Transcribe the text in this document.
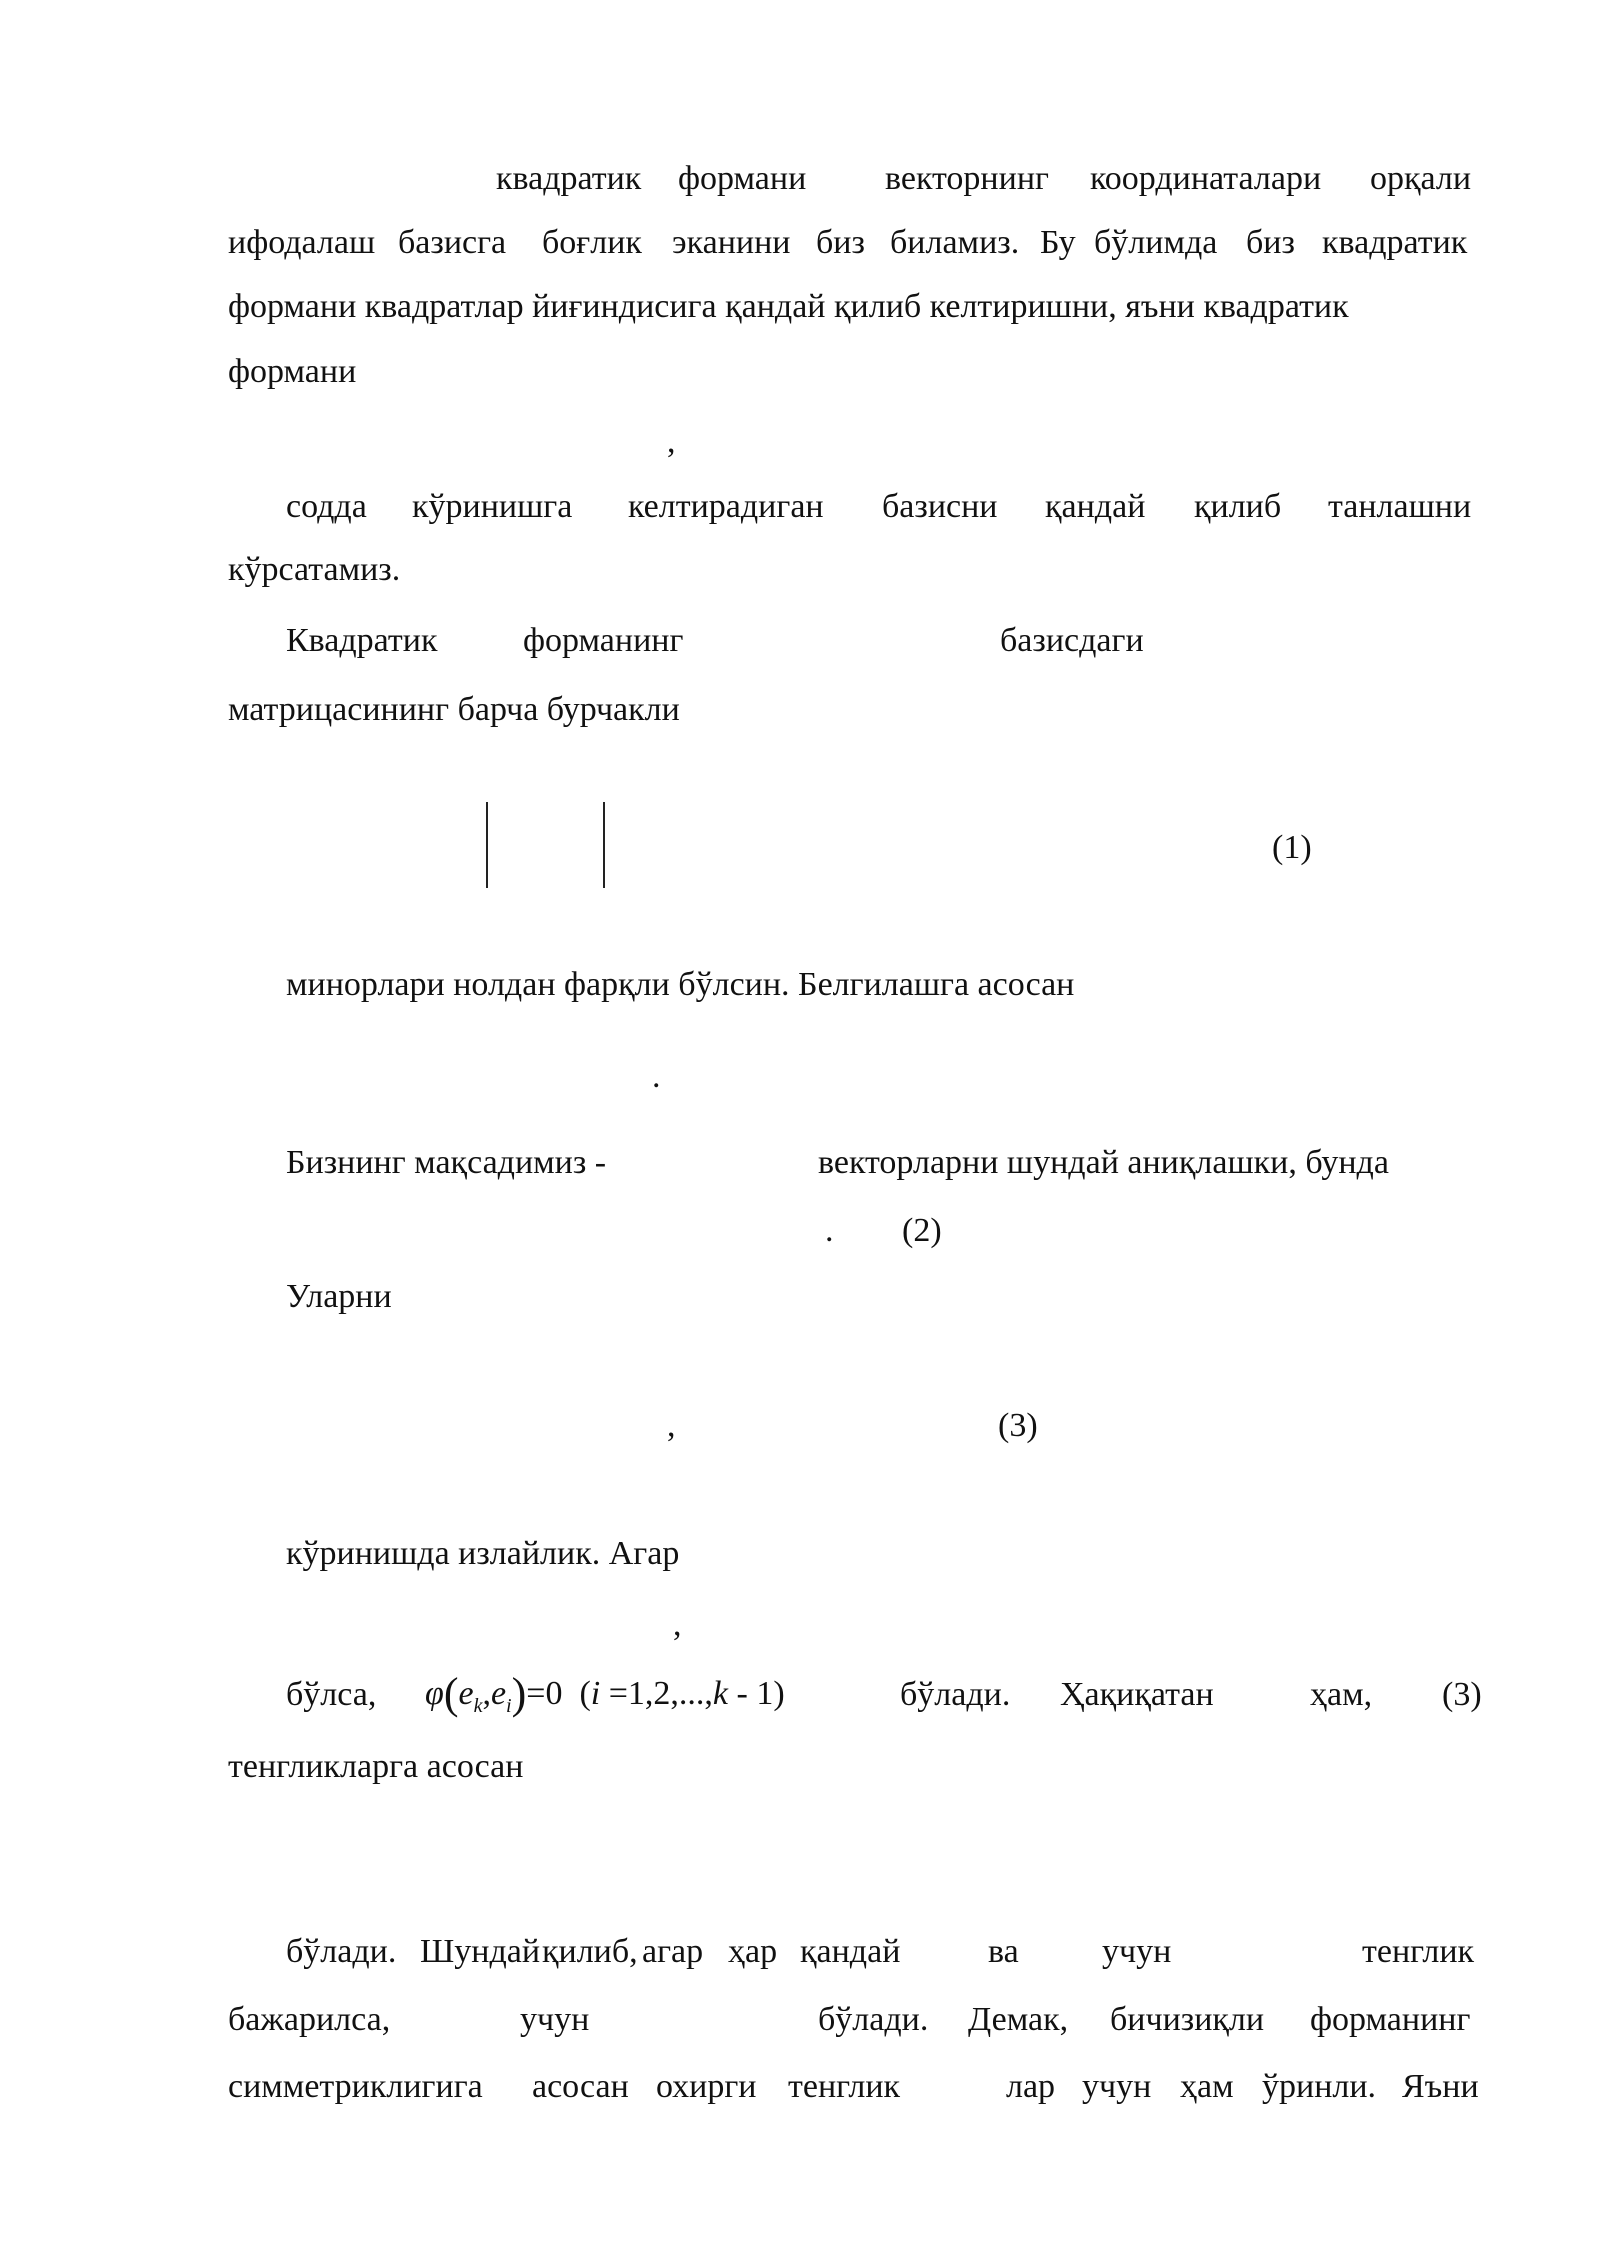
квадратик формани векторнинг координаталари орқали
ифодалаш базисга боғлик эканини биз биламиз. Бу бўлимда биз квадратик
формани квадратлар йиғиндисига қандай қилиб келтиришни, яъни квадратик
формани
,
содда кўринишга келтирадиган базисни қандай қилиб танлашни
кўрсатамиз.
Квадратик	форманинг	базисдаги
матрицасининг барча бурчакли
(1)
минорлари нолдан фарқли бўлсин. Белгилашга асосан
.
Бизнинг мақсадимиз -	векторларни шундай аниқлашки, бунда
. (2)
Уларни
,	(3)
кўринишда излайлик. Агар
,
бўлса, $\varphi(e_k,e_i)=0$ (i =1,2,...,k - 1)	бўлади. Ҳақиқатан	ҳам, (3)
тенгликларга асосан
бўлади. Шундай қилиб, агар ҳар қандай	ва учун	тенглик
бажарилса,	учун	бўлади. Демак, бичизиқли форманинг
симметриклигига асосан охирги тенглик	лар учун ҳам ўринли. Яъни
